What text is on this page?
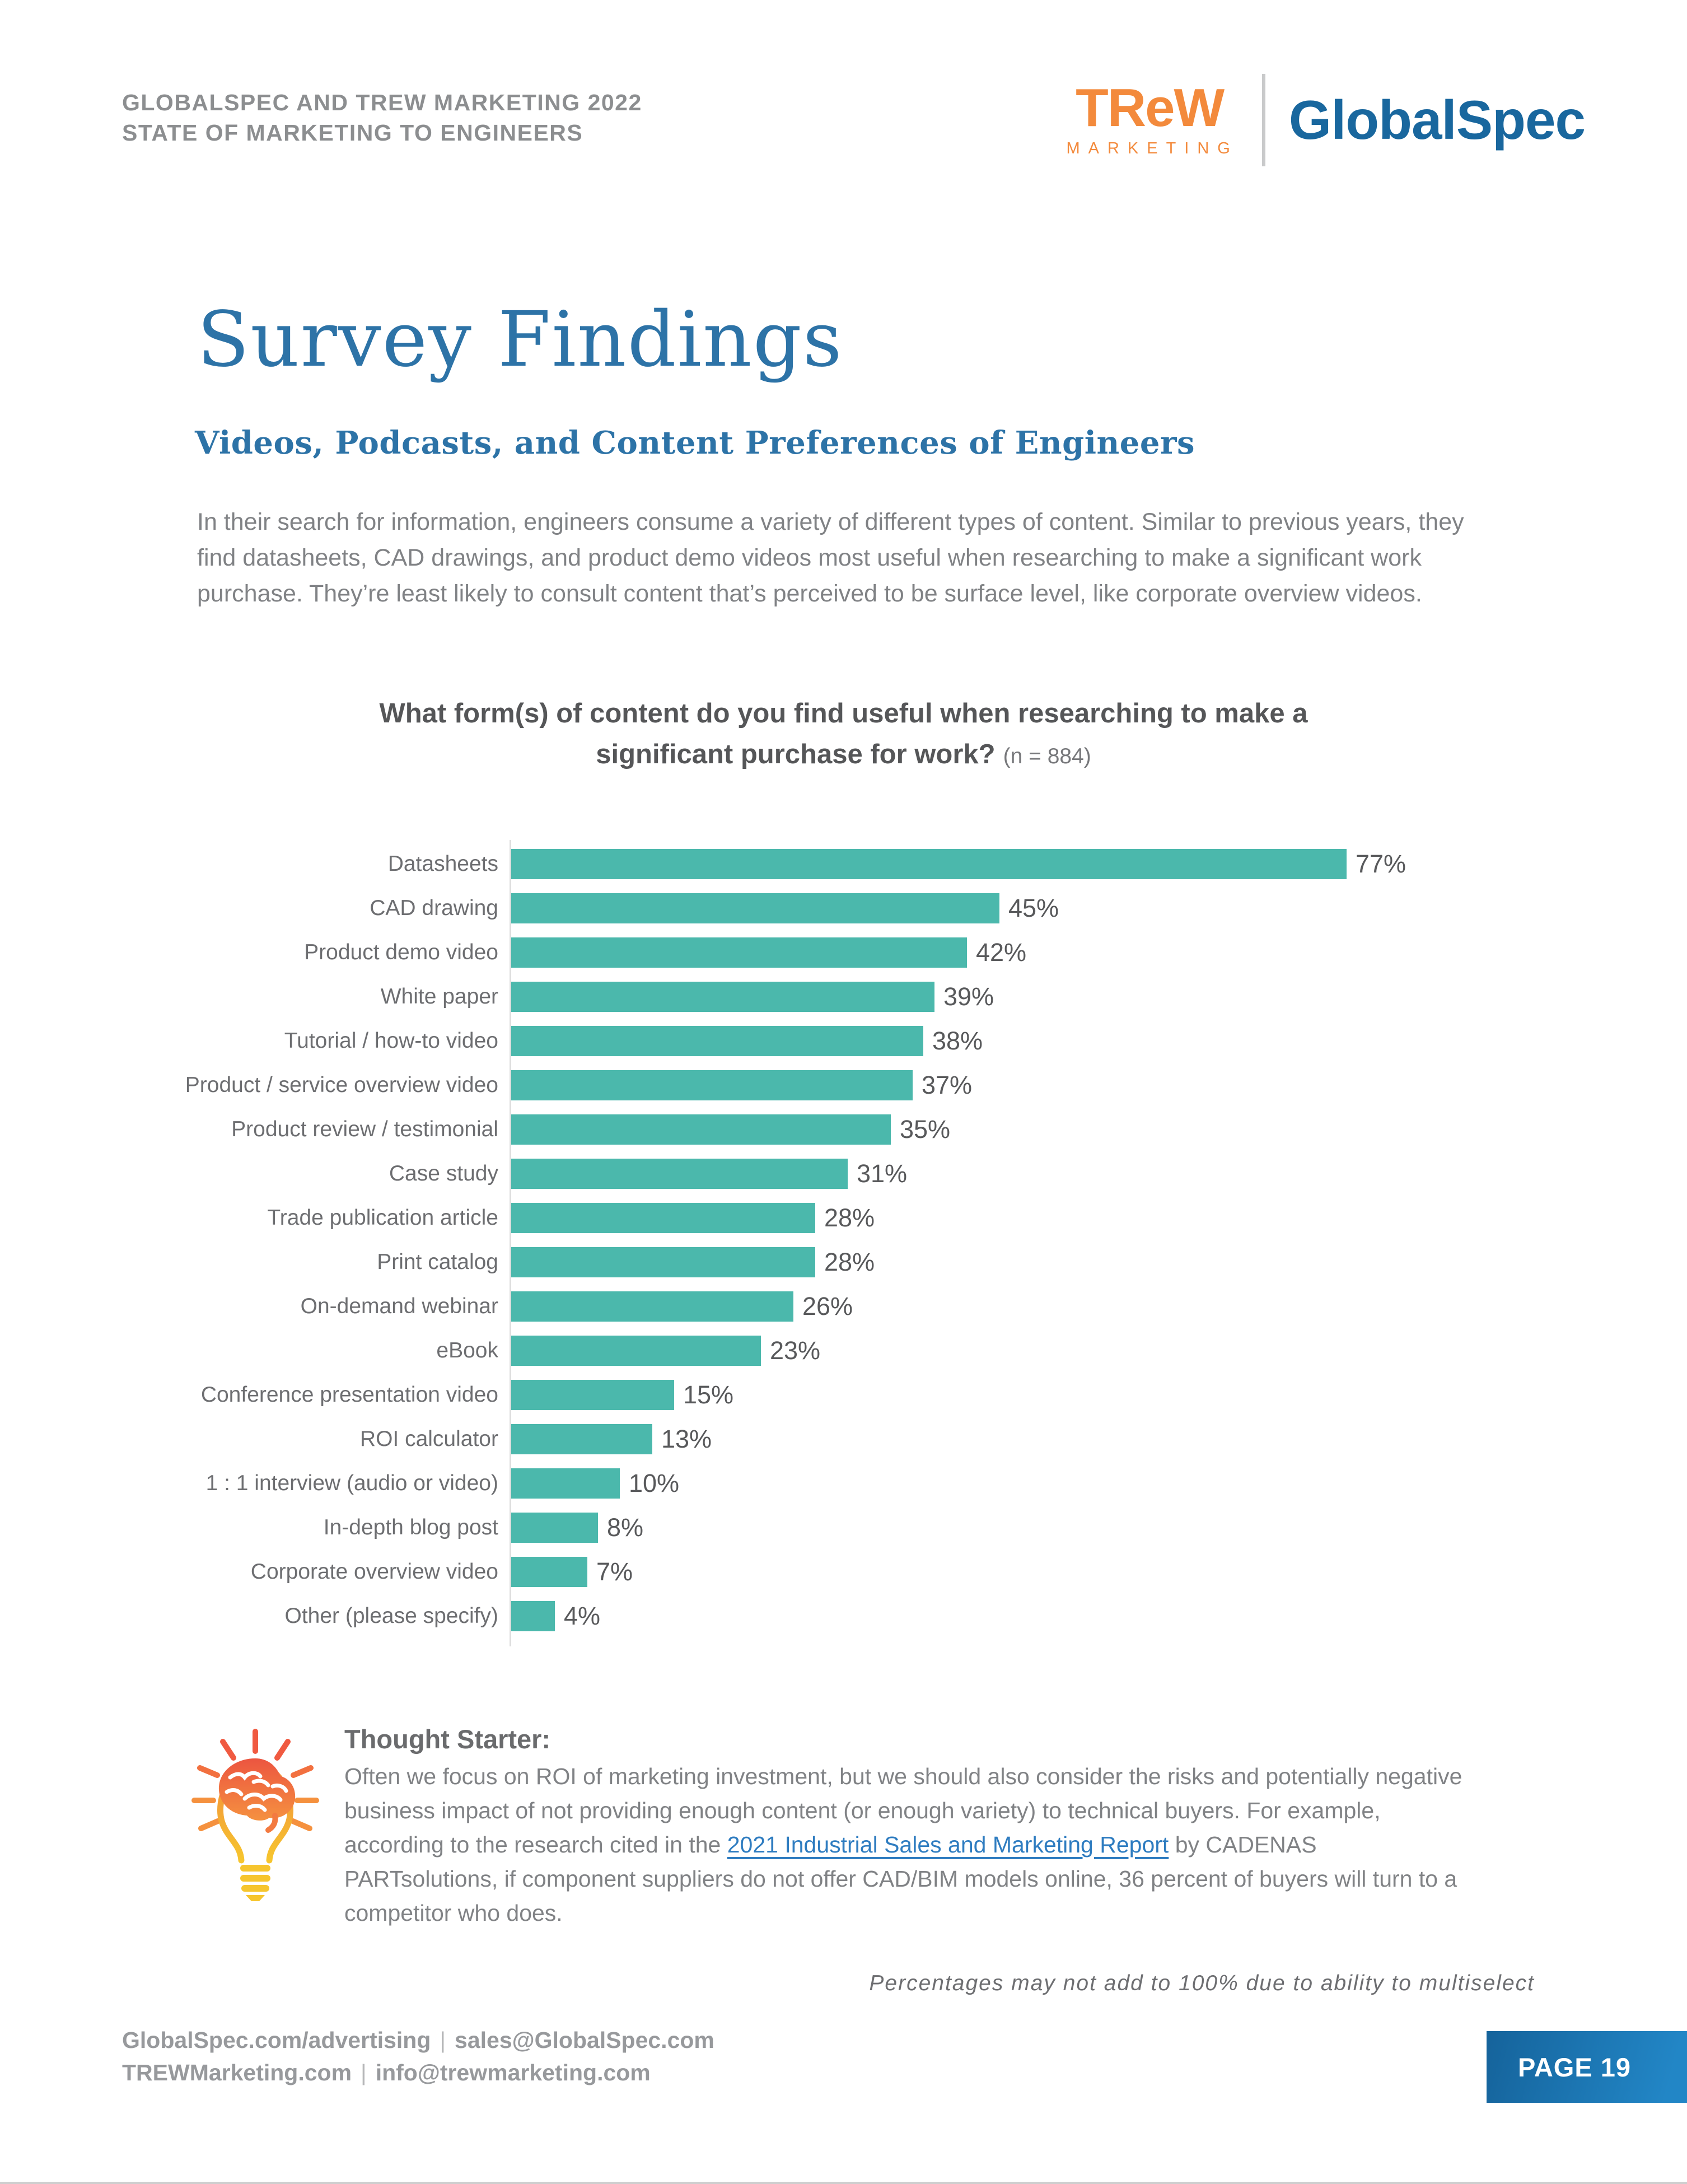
GLOBALSPEC AND TREW MARKETING 2022
STATE OF MARKETING TO ENGINEERS	TReW
MARKETING GlobalSpec
Survey Findings
Videos, Podcasts, and Content Preferences of Engineers

In their search for information, engineers consume a variety of different types of content. Similar to previous years, they find datasheets, CAD drawings, and product demo videos most useful when researching to make a significant work purchase. They’re least likely to consult content that’s perceived to be surface level, like corporate overview videos.

What form(s) of content do you find useful when researching to make a
significant purchase for work? (n = 884)
Datasheets	77%
CAD drawing	45%
Product demo video	42%
White paper	39%
Tutorial / how-to video	38%
Product / service overview video	37%
Product review / testimonial	35%
Case study	31%
Trade publication article	28%
Print catalog	28%
On-demand webinar	26%
eBook	23%
Conference presentation video	15%
ROI calculator	13%
1 : 1 interview (audio or video)	10%
In-depth blog post	8%
Corporate overview video	7%
Other (please specify)	4%
Thought Starter:

Often we focus on ROI of marketing investment, but we should also consider the risks and potentially negative business impact of not providing enough content (or enough variety) to technical buyers. For example, according to the research cited in the 2021 Industrial Sales and Marketing Report by CADENAS PARTsolutions, if component suppliers do not offer CAD/BIM models online, 36 percent of buyers will turn to a competitor who does.

Percentages may not add to 100% due to ability to multiselect
GlobalSpec.com/advertising | sales@GlobalSpec.com
TREWMarketing.com | info@trewmarketing.com	PAGE 19
